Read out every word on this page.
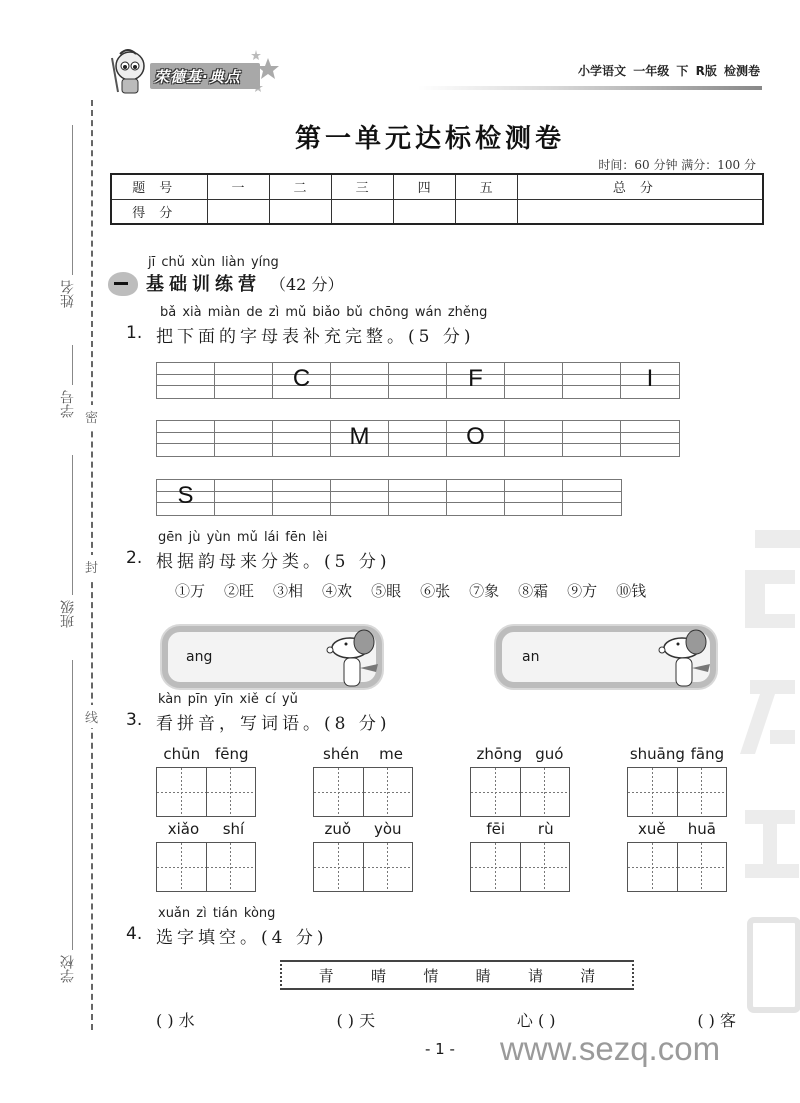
荣德基·典点	小学语文 一年级 下 R版 检测卷
姓名
学号
班级
学校
密
封
线
第一单元达标检测卷
时间：60 分钟 满分：100 分
题号	一	二	三	四	五	总分
得分						
jī chǔ xùn liàn yíng
基础训练营 （42 分）
bǎ xià miàn de zì mǔ biǎo bǔ chōng wán zhěng
1. 把下面的字母表补充完整。(5 分)
C	F	I
M	O
S
gēn jù yùn mǔ lái fēn lèi
2. 根据韵母来分类。(5 分)
①万 ②旺 ③相 ④欢 ⑤眼 ⑥张 ⑦象 ⑧霜 ⑨方 ⑩钱
ang	an
kàn pīn yīn xiě cí yǔ
3. 看拼音，写词语。(8 分)
chūn fēng	shén me	zhōng guó	shuāng fāng
xiǎo shí	zuǒ yòu	fēi rù	xuě huā
xuǎn zì tián kòng
4. 选字填空。(4 分)
青 晴 情 睛 请 清
( ) 水	( ) 天	心 ( )	( ) 客
- 1 - www.sezq.com
